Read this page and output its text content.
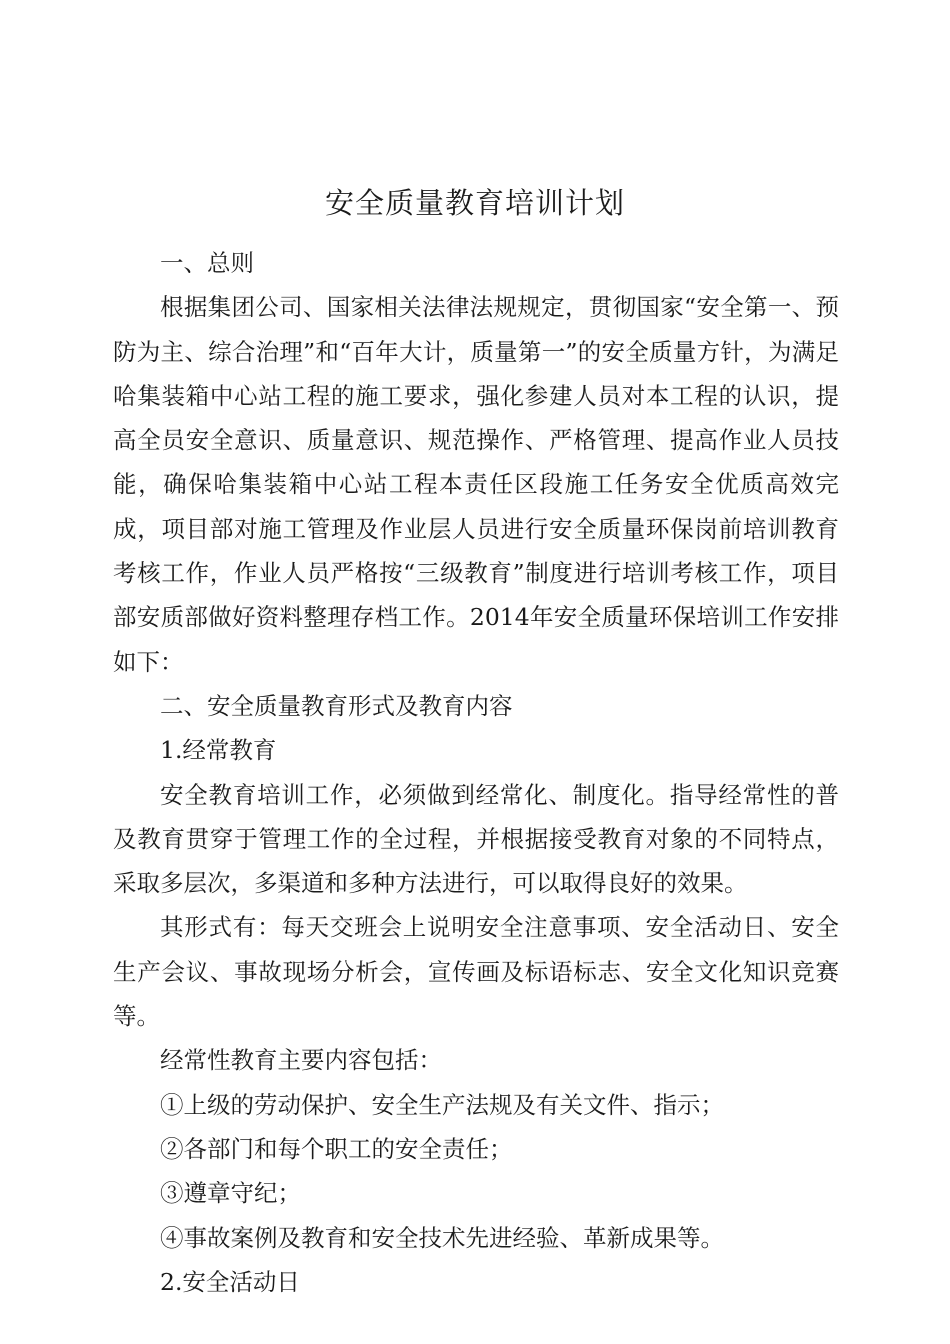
安全质量教育培训计划

一、总则

根据集团公司、国家相关法律法规规定，贯彻国家“安全第一、预防为主、综合治理”和“百年大计，质量第一”的安全质量方针，为满足哈集装箱中心站工程的施工要求，强化参建人员对本工程的认识，提高全员安全意识、质量意识、规范操作、严格管理、提高作业人员技能，确保哈集装箱中心站工程本责任区段施工任务安全优质高效完成，项目部对施工管理及作业层人员进行安全质量环保岗前培训教育考核工作，作业人员严格按“三级教育”制度进行培训考核工作，项目部安质部做好资料整理存档工作。2014年安全质量环保培训工作安排如下：

二、安全质量教育形式及教育内容

1.经常教育

安全教育培训工作，必须做到经常化、制度化。指导经常性的普及教育贯穿于管理工作的全过程，并根据接受教育对象的不同特点，采取多层次，多渠道和多种方法进行，可以取得良好的效果。

其形式有：每天交班会上说明安全注意事项、安全活动日、安全生产会议、事故现场分析会，宣传画及标语标志、安全文化知识竞赛等。

经常性教育主要内容包括：

①上级的劳动保护、安全生产法规及有关文件、指示；

②各部门和每个职工的安全责任；

③遵章守纪；

④事故案例及教育和安全技术先进经验、革新成果等。

2.安全活动日
